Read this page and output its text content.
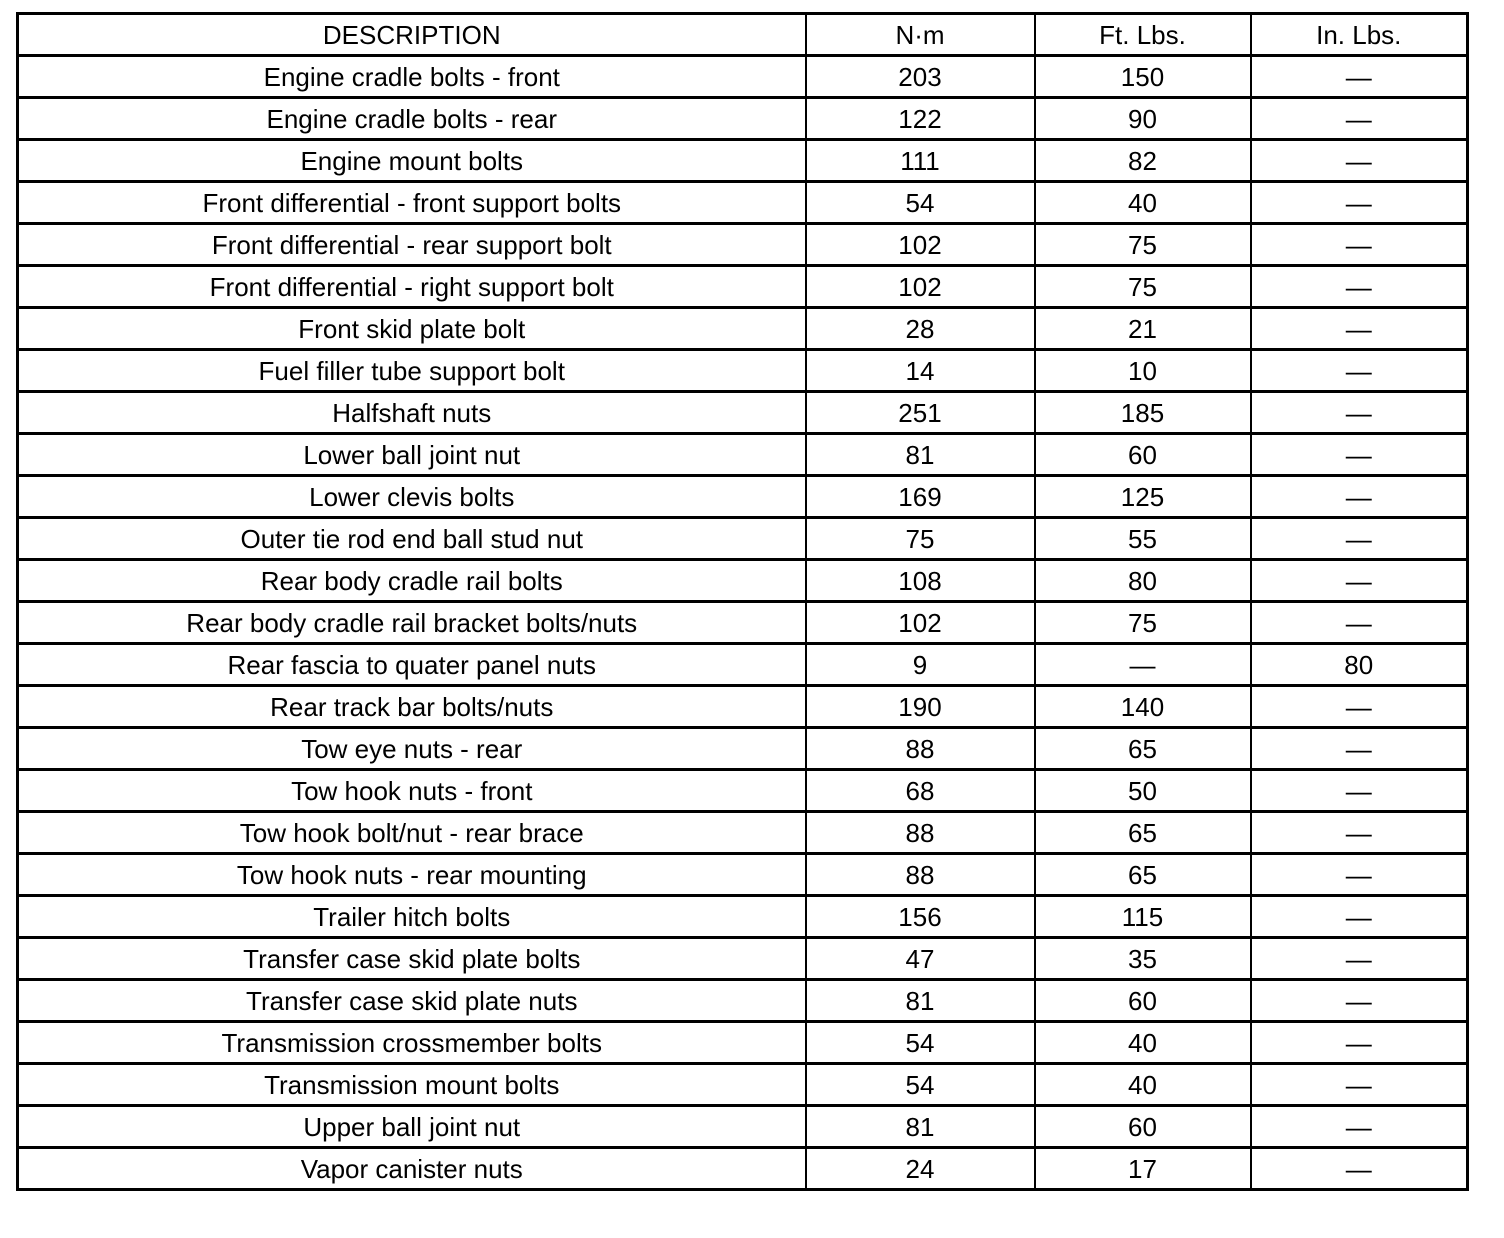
DESCRIPTION	N·m	Ft. Lbs.	In. Lbs.
Engine cradle bolts - front	203	150	—
Engine cradle bolts - rear	122	90	—
Engine mount bolts	111	82	—
Front differential - front support bolts	54	40	—
Front differential - rear support bolt	102	75	—
Front differential - right support bolt	102	75	—
Front skid plate bolt	28	21	—
Fuel filler tube support bolt	14	10	—
Halfshaft nuts	251	185	—
Lower ball joint nut	81	60	—
Lower clevis bolts	169	125	—
Outer tie rod end ball stud nut	75	55	—
Rear body cradle rail bolts	108	80	—
Rear body cradle rail bracket bolts/nuts	102	75	—
Rear fascia to quater panel nuts	9	—	80
Rear track bar bolts/nuts	190	140	—
Tow eye nuts - rear	88	65	—
Tow hook nuts - front	68	50	—
Tow hook bolt/nut - rear brace	88	65	—
Tow hook nuts - rear mounting	88	65	—
Trailer hitch bolts	156	115	—
Transfer case skid plate bolts	47	35	—
Transfer case skid plate nuts	81	60	—
Transmission crossmember bolts	54	40	—
Transmission mount bolts	54	40	—
Upper ball joint nut	81	60	—
Vapor canister nuts	24	17	—
